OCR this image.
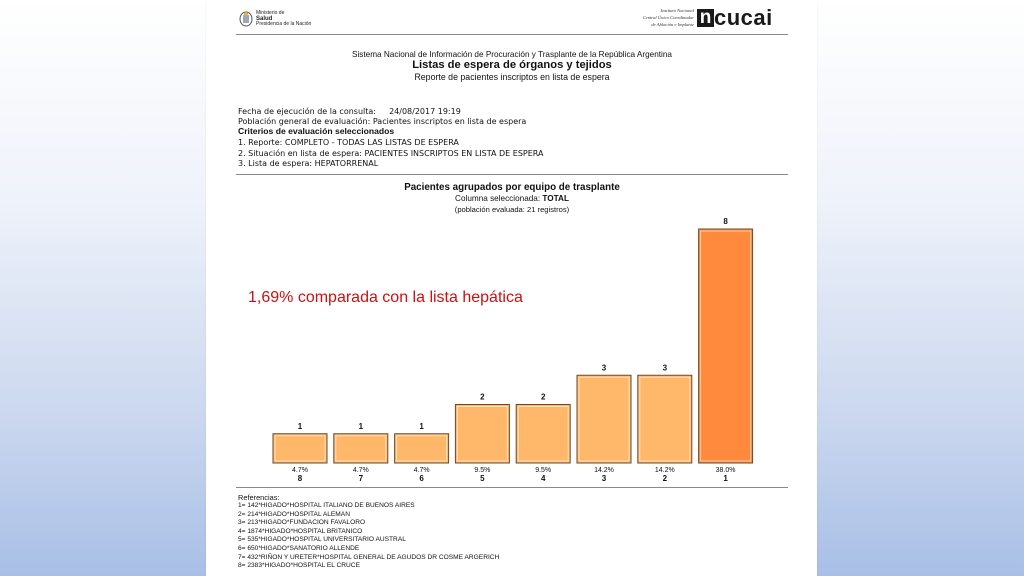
Ministerio de
Salud
Presidencia de la Nación
Instituto Nacional
Central Único Coordinador
de Ablación e Implante n cucai
Sistema Nacional de Información de Procuración y Trasplante de la República Argentina
Listas de espera de órganos y tejidos
Reporte de pacientes inscriptos en lista de espera
Fecha de ejecución de la consulta: 24/08/2017 19:19
Población general de evaluación: Pacientes inscriptos en lista de espera
Criterios de evaluación seleccionados
1. Reporte: COMPLETO - TODAS LAS LISTAS DE ESPERA
2. Situación en lista de espera: PACIENTES INSCRIPTOS EN LISTA DE ESPERA
3. Lista de espera: HEPATORRENAL
Pacientes agrupados por equipo de trasplante
Columna seleccionada: TOTAL
(población evaluada: 21 registros)
1
4.7%
8
1
4.7%
7
1
4.7%
6
2
9.5%
5
2
9.5%
4
3
14.2%
3
3
14.2%
2
8
38.0%
1
Referencias:
1= 142*HIGADO*HOSPITAL ITALIANO DE BUENOS AIRES
2= 214*HIGADO*HOSPITAL ALEMAN
3= 213*HIGADO*FUNDACION FAVALORO
4= 1874*HIGADO*HOSPITAL BRITANICO
5= 535*HIGADO*HOSPITAL UNIVERSITARIO AUSTRAL
6= 650*HIGADO*SANATORIO ALLENDE
7= 432*RIÑON Y URETER*HOSPITAL GENERAL DE AGUDOS DR COSME ARGERICH
8= 2383*HIGADO*HOSPITAL EL CRUCE
1,69% comparada con la lista hepática
